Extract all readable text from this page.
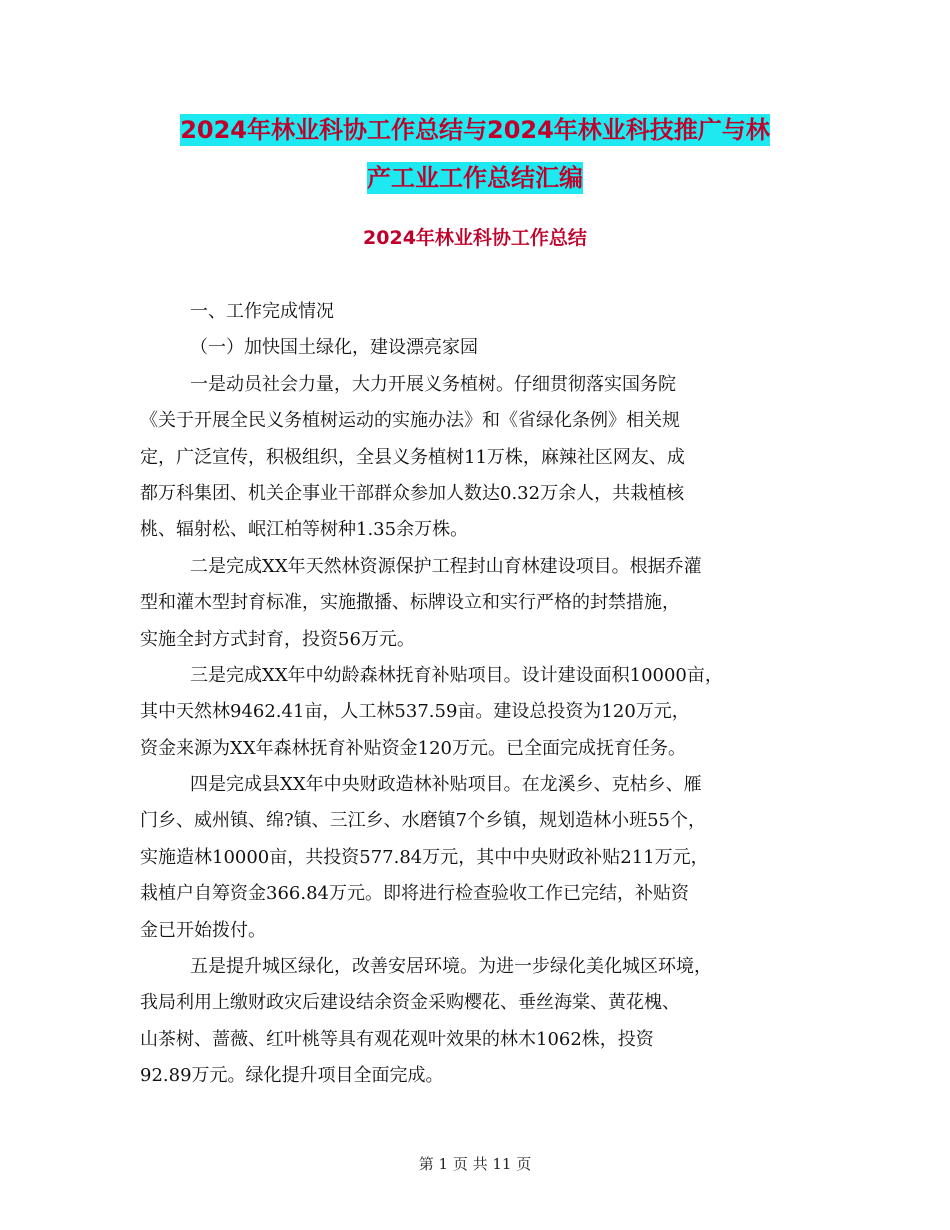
2024年林业科协工作总结与2024年林业科技推广与林
产工业工作总结汇编
2024年林业科协工作总结
一、工作完成情况
（一）加快国土绿化，建设漂亮家园
一是动员社会力量，大力开展义务植树。仔细贯彻落实国务院
《关于开展全民义务植树运动的实施办法》和《省绿化条例》相关规
定，广泛宣传，积极组织，全县义务植树11万株，麻辣社区网友、成
都万科集团、机关企事业干部群众参加人数达0.32万余人，共栽植核
桃、辐射松、岷江柏等树种1.35余万株。
二是完成XX年天然林资源保护工程封山育林建设项目。根据乔灌
型和灌木型封育标准，实施撒播、标牌设立和实行严格的封禁措施，
实施全封方式封育，投资56万元。
三是完成XX年中幼龄森林抚育补贴项目。设计建设面积10000亩，
其中天然林9462.41亩，人工林537.59亩。建设总投资为120万元，
资金来源为XX年森林抚育补贴资金120万元。已全面完成抚育任务。
四是完成县XX年中央财政造林补贴项目。在龙溪乡、克枯乡、雁
门乡、威州镇、绵?镇、三江乡、水磨镇7个乡镇，规划造林小班55个，
实施造林10000亩，共投资577.84万元，其中中央财政补贴211万元，
栽植户自筹资金366.84万元。即将进行检查验收工作已完结，补贴资
金已开始拨付。
五是提升城区绿化，改善安居环境。为进一步绿化美化城区环境，
我局利用上缴财政灾后建设结余资金采购樱花、垂丝海棠、黄花槐、
山茶树、蔷薇、红叶桃等具有观花观叶效果的林木1062株，投资
92.89万元。绿化提升项目全面完成。
第 1 页 共 11 页
